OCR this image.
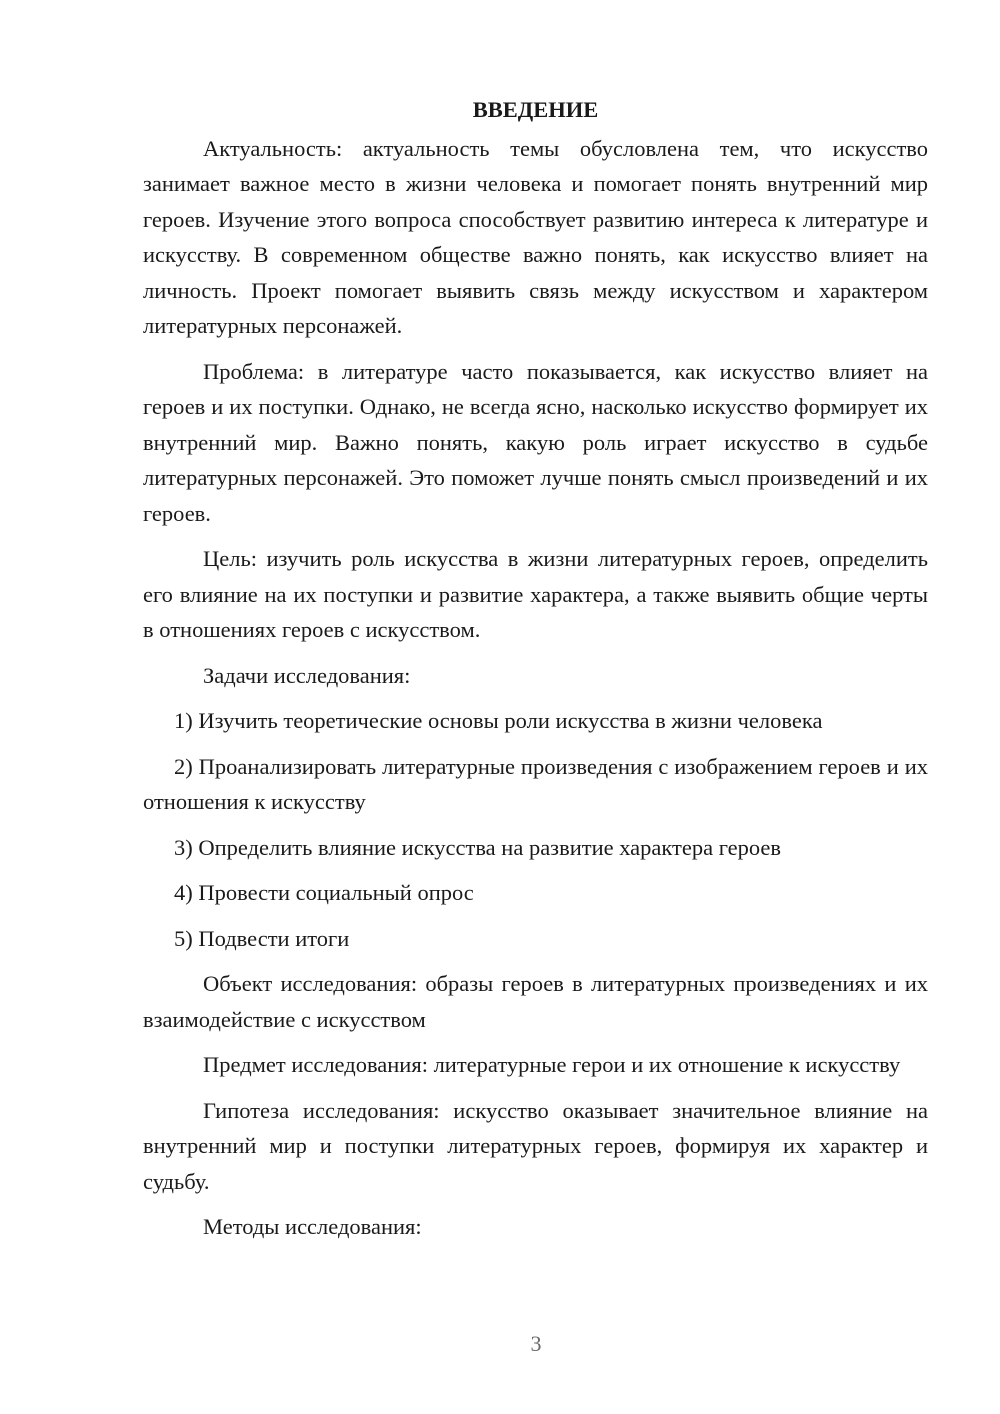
ВВЕДЕНИЕ

Актуальность: актуальность темы обусловлена тем, что искусство занимает важное место в жизни человека и помогает понять внутренний мир героев. Изучение этого вопроса способствует развитию интереса к литературе и искусству. В современном обществе важно понять, как искусство влияет на личность. Проект помогает выявить связь между искусством и характером литературных персонажей.

Проблема: в литературе часто показывается, как искусство влияет на героев и их поступки. Однако, не всегда ясно, насколько искусство формирует их внутренний мир. Важно понять, какую роль играет искусство в судьбе литературных персонажей. Это поможет лучше понять смысл произведений и их героев.

Цель: изучить роль искусства в жизни литературных героев, определить его влияние на их поступки и развитие характера, а также выявить общие черты в отношениях героев с искусством.

Задачи исследования:

1) Изучить теоретические основы роли искусства в жизни человека

2) Проанализировать литературные произведения с изображением героев и их отношения к искусству

3) Определить влияние искусства на развитие характера героев

4) Провести социальный опрос

5) Подвести итоги

Объект исследования: образы героев в литературных произведениях и их взаимодействие с искусством

Предмет исследования: литературные герои и их отношение к искусству

Гипотеза исследования: искусство оказывает значительное влияние на внутренний мир и поступки литературных героев, формируя их характер и судьбу.

Методы исследования:

3
